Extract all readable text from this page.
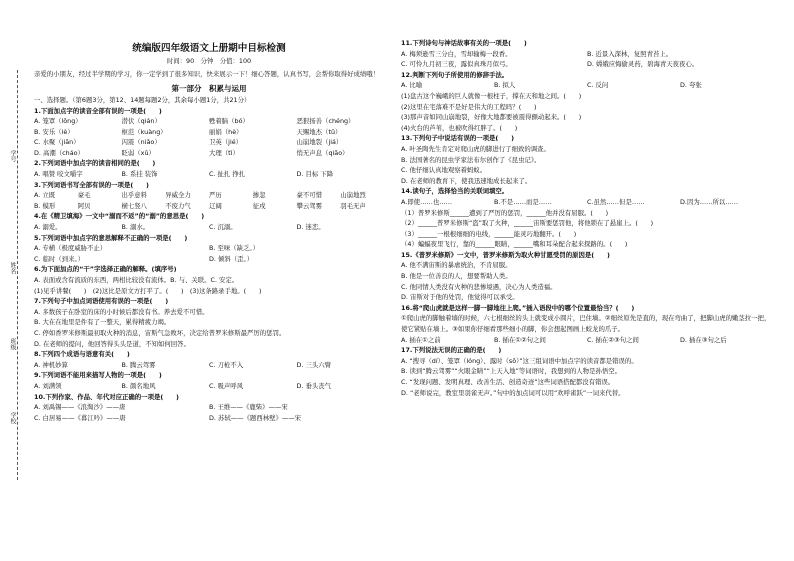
学号
姓名
班级
学校
统编版四年级语文上册期中目标检测
时间：90　分钟　分值：100
亲爱的小朋友，经过半学期的学习，你一定学到了很多知识，快来展示一下！细心答题，认真书写，会帮你取得好成绩哦！
第一部分　积累与运用
一、选择题。（第6题3分，第12、14题每题2分，其余每小题1分，共21分）
1.下面加点字的读音全部有误的一项是(　　)
A. 笼罩（lǒng）	潜伏（qián）	甦着脑（bó）	恶狠扬善（chéng）
B. 安乐（lè）	枢范（kuàng）	丽娟（hè）	天赐地杰（tǔ）
C. 水聚（jiān）	闪震（niǎo）	卫英（jié）	山崩地裂（jiá）
D. 高潮（cháo）	眨弱（xǔ）	大理（tì）	悄无声息（qiāo）
2.下列词语中加点字的读音相同的是(　　)
A. 唱赞 咬文嚼字	B. 系挂 装饰	C. 扯扎 挣扎	D. 目标 下降
3.下列词语书写全部有误的一项是(　　)
A. 立既	豪毛	出乎意料	异威全力	严历	掺忽	豪不可惜	山崩地烈
B. 模形	阿贝	横七竖八	不废力气	辽阔	征戌	攀云驾雾	羽毛无声
4.在《精卫填海》一文中“溺而不返”的“溺”的意思是(　　)
A. 溺爱。	B. 溺水。	C. 沉溺。	D. 迷恋。
5.下列词语中加点字的意思解释不正确的一项是(　　)
A. 专横（极度威胁不止）	B. 至味（缺乏。）
C. 临时（到来。）	D. 倾斜（歪。）
6.为下面加点的“干”字选择正确的解释。(填序号)
A. 表面或含有流质的东西，两相比较没有流体。B. 与、关联。C. 安定。
(1)见乎讲餐(　　)　(2)这比是原文方打平了。(　　)　(3)这条路录手地。(　　)
7.下列句子中加点词语使用有误的一项是(　　)
A. 多数孩子在卧室的床的小时候后都没有书。养去爱不可惜。
B. 大在在地里是件有了一整天，累得精疲力竭。
C. 停如香罗米修斯最初取火种的消息，宙斯气急败坏，决定给普罗米修斯最严厉的惩罚。
D. 在老师的提问，他回答得头头是道，不知如何回答。
8.下列四个成语与语意有关(　　)
A. 神机妙算	B. 腾云驾雾	C. 刀枪不入	D. 三头六臂
9.下列词语不能用来描写人物的一项是(　　)
A. 刘满领	B. 颜名地风	C. 吸声呼风	D. 垂头丧气
10.下列作家、作品、年代对应正确的一项是(　　)
A. 刘禹锡——《浪淘沙》——唐	B. 王维——《鹿柴》——宋
C. 白居易——《暮江吟》——唐	D. 苏轼——《题西林壁》——宋
11.下列诗句与神话故事有关的一项是(　　)
A. 梅须逊雪三分白，雪却输梅一段香。	B. 近景入深林，复照青苔上。
C. 可怜九月初三夜，露似真珠月似弓。	D. 嫦娥应悔偷灵药，碧海青天夜夜心。
12.判断下列句子所使用的修辞手法。
A. 比喻	B. 拟人	C. 反问	D. 夸张
(1)盘古这个巍峨的巨人就像一根柱子，撑在天和地之间。(　　)
(2)这里在宅落难不是好是伟大的工程吗？(　　)
(3)那声音如同山崩地裂，好像大地都要被震得颤动起来。(　　)
(4)火台的芦苇，也被吹得红胖了。(　　)
13.下列句子中说话有误的一项是(　　)
A. 叶圣陶先生肯定对爬山虎的脚进行了细致的调查。
B. 法国著名的昆虫学家法布尔创作了《昆虫记》。
C. 他仔细认真地观察着蚂蚁。
D. 在老师的教育下，使我迅速地成长起来了。
14.读句子，选择恰当的关联词填空。
A.即使……也……	B.不是……而是……	C.虽然……但是……	D.因为……所以……
（1）普罗米修斯______遭到了严厉的惩罚，______他并没有屈服。(　　)
（2）______普罗米修斯“盗”取了火种，______宙斯要惩罚他，将他锁在了悬崖上。(　　)
（3）______一根根细细的电线，______能灵巧地翻开。(　　)
（4）蝙蝠夜里飞行，靠的______眼睛，______嘴和耳朵配合起来探路的。(　　)
15.《普罗米修斯》一文中，普罗米修斯为取火种甘愿受罚的原因是(　　)
A. 他不满宙斯的暴虐统治，不肯屈服。
B. 他是一位善良的人，想要帮助人类。
C. 他同情人类没有火种的悲惨境遇，决心为人类造福。
D. 宙斯对于他的处罚，他觉得可以承受。
16.将“爬山虎就是这样一脚一脚地往上爬。”插入语段中的哪个位置最恰当？(　　)
①爬山虎的脚触着墙的时候，六七根细丝的头上就变成小圆片，巴住墙。②细丝原先是直的，现在弯曲了，把脚山虎的嫩茎拉一把，使它紧贴在墙上。③如果你仔细看那些细小的脚，你会想起图画上蛟龙的爪子。
A. 插在①之前	B. 插在①②句之间	C. 插在②③句之间	D. 插在③句之后
17.下列说法无误的正确的是(　　)
A. “搜寻（dí）、笼罩（lóng）、露时（sǒ）”这三组词语中加点字的读音都是错误的。
B. 读到“腾云驾雾”“火眼金睛”“上天入地”等词语时，我想到的人物是孙悟空。
C. “发现问题、发明真理、改善生活、创造奇迹”这些词语搭配都没有错误。
D. “老师说完，教室里羽雀无声。”句中的加点词可以用“欢呼雀跃”一词来代替。
